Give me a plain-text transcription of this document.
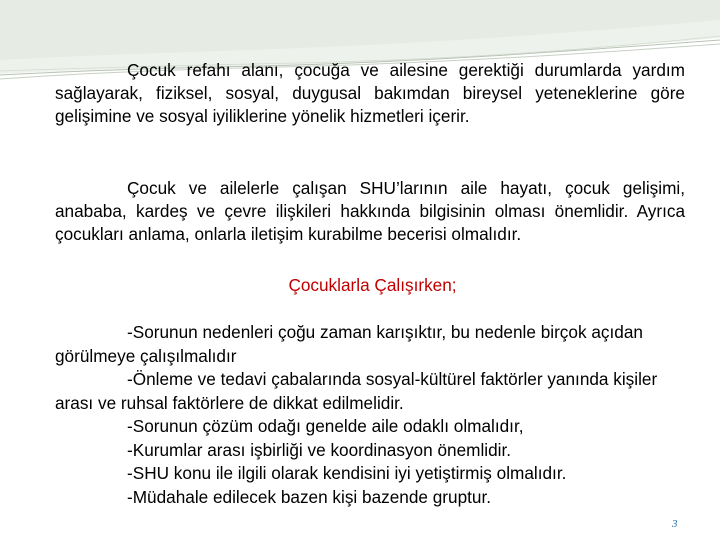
Çocuk refahı alanı, çocuğa ve ailesine gerektiği durumlarda yardım sağlayarak, fiziksel, sosyal, duygusal bakımdan bireysel yeteneklerine göre gelişimine ve sosyal iyiliklerine yönelik hizmetleri içerir.

Çocuk ve ailelerle çalışan SHU’larının aile hayatı, çocuk gelişimi, anababa, kardeş ve çevre ilişkileri hakkında bilgisinin olması önemlidir. Ayrıca çocukları anlama, onlarla iletişim kurabilme becerisi olmalıdır.

Çocuklarla Çalışırken;

-Sorunun nedenleri çoğu zaman karışıktır, bu nedenle birçok açıdan görülmeye çalışılmalıdır
-Önleme ve tedavi çabalarında sosyal-kültürel faktörler yanında kişiler arası ve ruhsal faktörlere de dikkat edilmelidir.
-Sorunun çözüm odağı genelde aile odaklı olmalıdır,
-Kurumlar arası işbirliği ve koordinasyon önemlidir.
-SHU konu ile ilgili olarak kendisini iyi yetiştirmiş olmalıdır.
-Müdahale edilecek bazen kişi bazende gruptur.
3
